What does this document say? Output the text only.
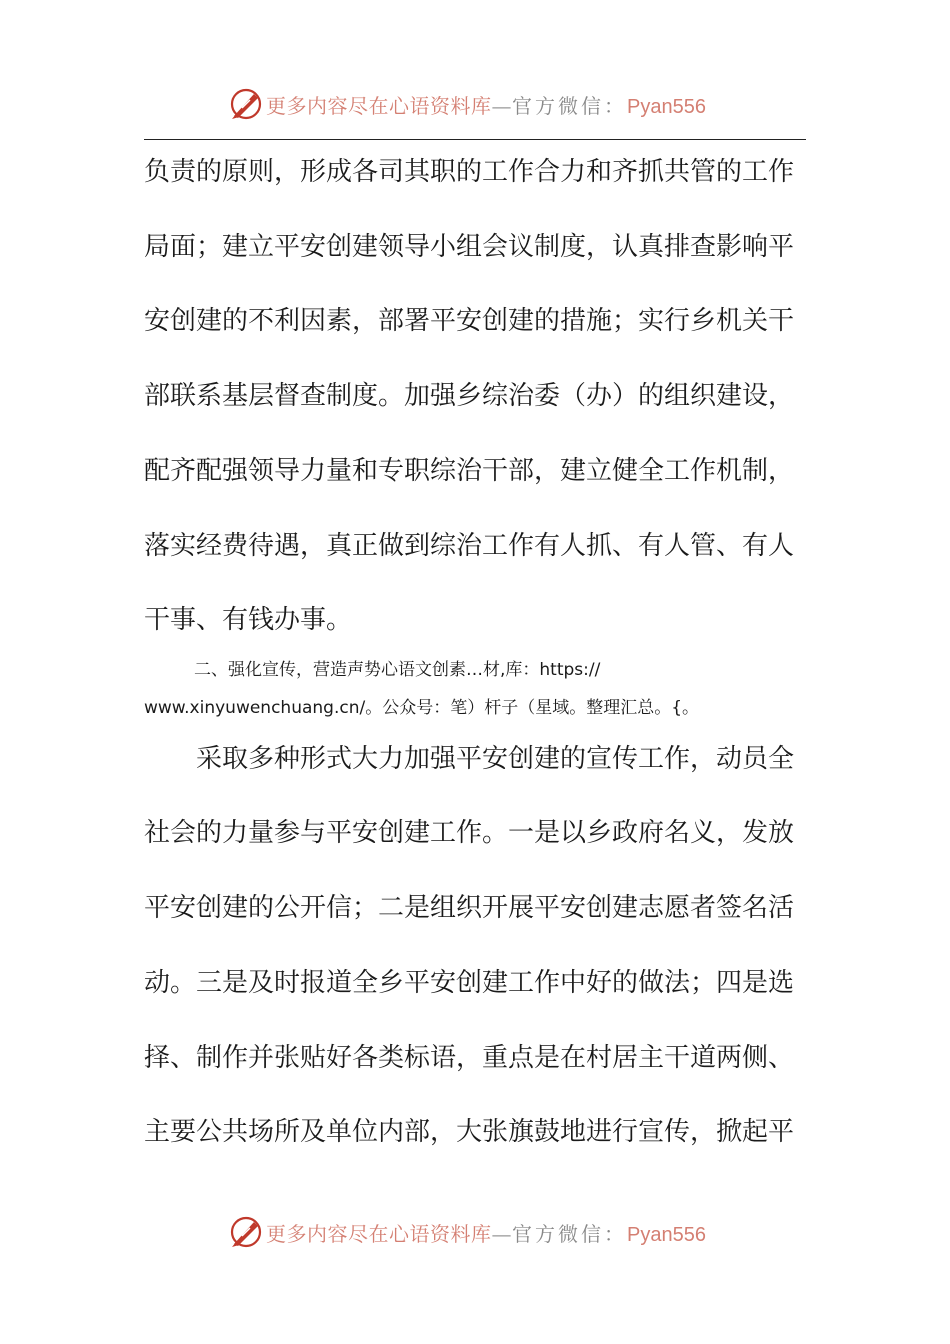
更多内容尽在心语资料库—官方微信：Pyan556
负责的原则，形成各司其职的工作合力和齐抓共管的工作
局面；建立平安创建领导小组会议制度，认真排查影响平
安创建的不利因素，部署平安创建的措施；实行乡机关干
部联系基层督查制度。加强乡综治委（办）的组织建设，
配齐配强领导力量和专职综治干部，建立健全工作机制，
落实经费待遇，真正做到综治工作有人抓、有人管、有人
干事、有钱办事。
二、强化宣传，营造声势心语文创素…材,库：https://
www.xinyuwenchuang.cn/。公众号：笔）杆子（星域。整理汇总。{。
采取多种形式大力加强平安创建的宣传工作，动员全
社会的力量参与平安创建工作。一是以乡政府名义，发放
平安创建的公开信；二是组织开展平安创建志愿者签名活
动。三是及时报道全乡平安创建工作中好的做法；四是选
择、制作并张贴好各类标语，重点是在村居主干道两侧、
主要公共场所及单位内部，大张旗鼓地进行宣传，掀起平
更多内容尽在心语资料库—官方微信：Pyan556
